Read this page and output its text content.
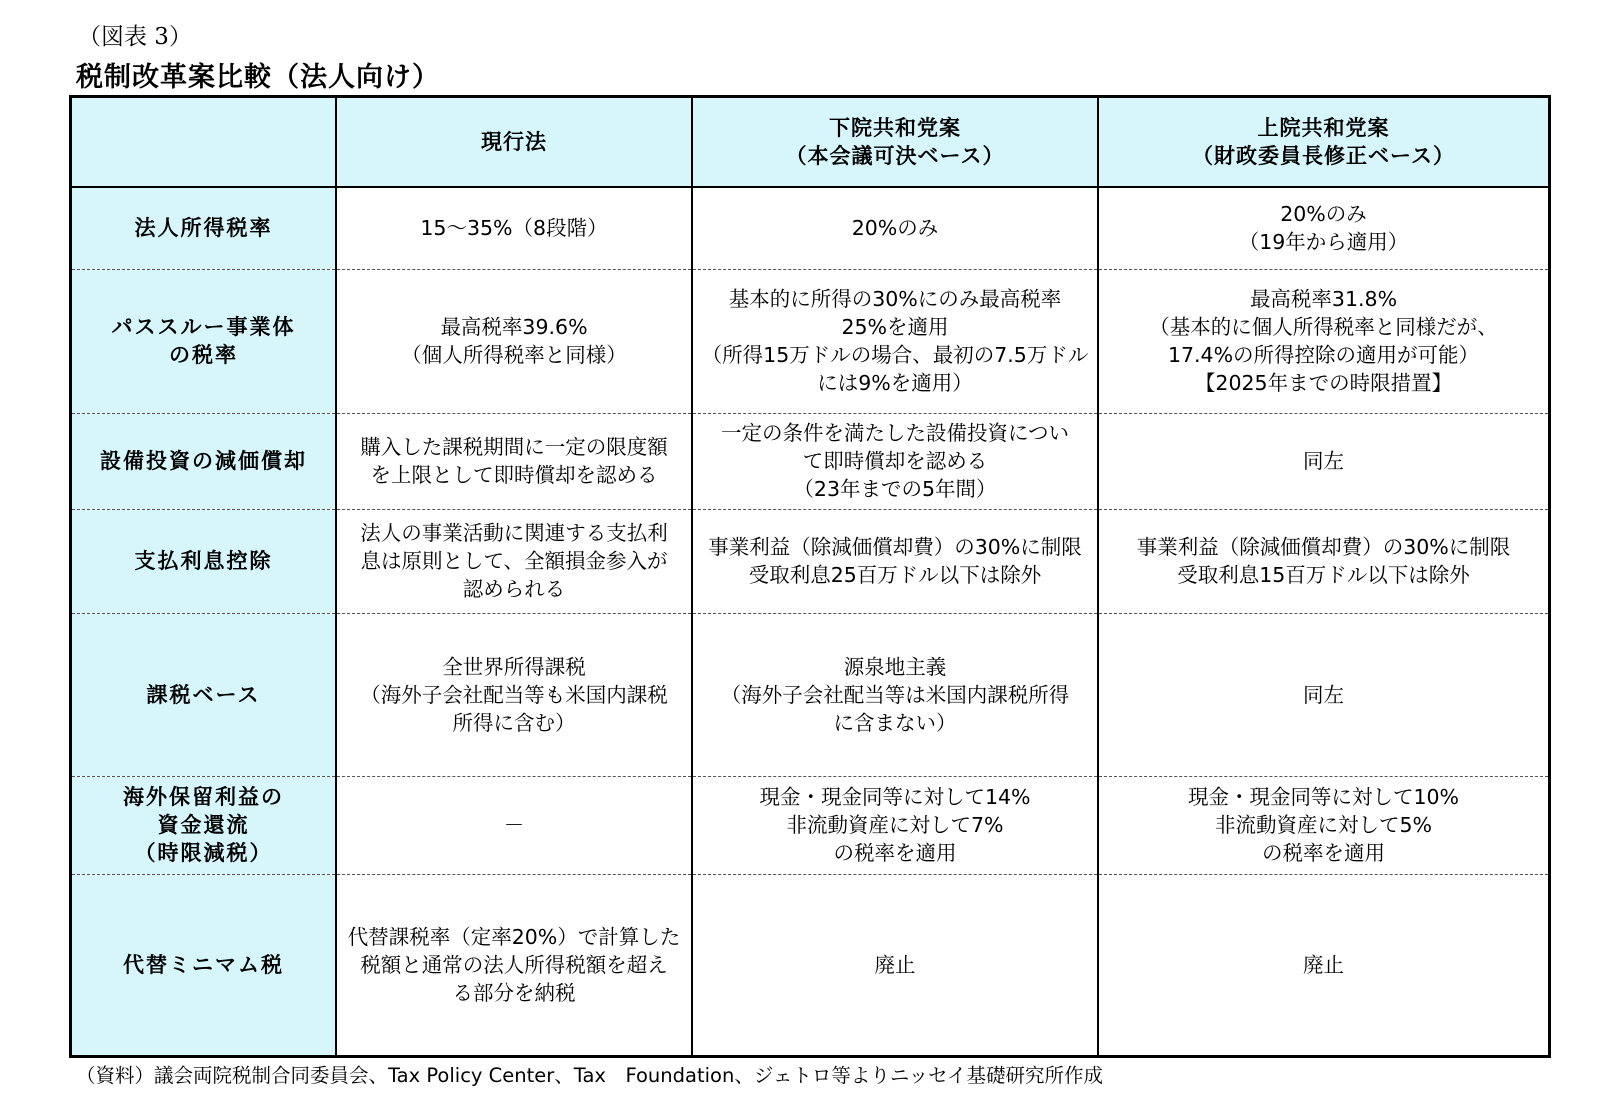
（図表 3）
税制改革案比較（法人向け）

	現行法	下院共和党案
（本会議可決ベース）	上院共和党案
（財政委員長修正ベース）

法人所得税率	15～35%（8段階）	20%のみ	20%のみ
（19年から適用）

パススルー事業体
の税率	最高税率39.6%
（個人所得税率と同様）	基本的に所得の30%にのみ最高税率
25%を適用
（所得15万ドルの場合、最初の7.5万ドル
には9%を適用）	最高税率31.8%
（基本的に個人所得税率と同様だが、
17.4%の所得控除の適用が可能）
【2025年までの時限措置】

設備投資の減価償却	購入した課税期間に一定の限度額
を上限として即時償却を認める	一定の条件を満たした設備投資につい
て即時償却を認める
（23年までの5年間）	同左

支払利息控除	法人の事業活動に関連する支払利
息は原則として、全額損金参入が
認められる	事業利益（除減価償却費）の30%に制限
受取利息25百万ドル以下は除外	事業利益（除減価償却費）の30%に制限
受取利息15百万ドル以下は除外

課税ベース	全世界所得課税
（海外子会社配当等も米国内課税
所得に含む）	源泉地主義
（海外子会社配当等は米国内課税所得
に含まない）	同左

海外保留利益の
資金還流
（時限減税）	－	現金・現金同等に対して14%
非流動資産に対して7%
の税率を適用	現金・現金同等に対して10%
非流動資産に対して5%
の税率を適用

代替ミニマム税	代替課税率（定率20%）で計算した
税額と通常の法人所得税額を超え
る部分を納税	廃止	廃止
（資料）議会両院税制合同委員会、Tax Policy Center、Tax　Foundation、ジェトロ等よりニッセイ基礎研究所作成
